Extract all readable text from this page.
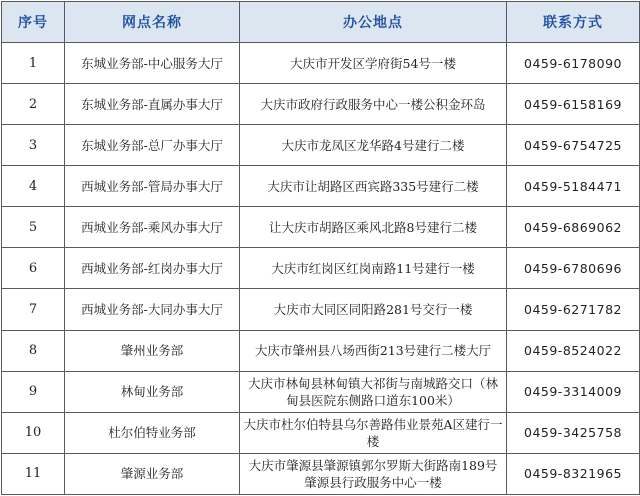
序号	网点名称	办公地点	联系方式
1	东城业务部-中心服务大厅	大庆市开发区学府街54号一楼	0459-6178090
2	东城业务部-直属办事大厅	大庆市政府行政服务中心一楼公积金环岛	0459-6158169
3	东城业务部-总厂办事大厅	大庆市龙凤区龙华路4号建行二楼	0459-6754725
4	西城业务部-管局办事大厅	大庆市让胡路区西宾路335号建行二楼	0459-5184471
5	西城业务部-乘风办事大厅	让大庆市胡路区乘风北路8号建行二楼	0459-6869062
6	西城业务部-红岗办事大厅	大庆市红岗区红岗南路11号建行一楼	0459-6780696
7	西城业务部-大同办事大厅	大庆市大同区同阳路281号交行一楼	0459-6271782
8	肇州业务部	大庆市肇州县八场西街213号建行二楼大厅	0459-8524022
9	林甸业务部	大庆市林甸县林甸镇大祁街与南城路交口（林甸县医院东侧路口道东100米）	0459-3314009
10	杜尔伯特业务部	大庆市杜尔伯特县乌尔善路伟业景苑A区建行一楼	0459-3425758
11	肇源业务部	大庆市肇源县肇源镇郭尔罗斯大街路南189号肇源县行政服务中心一楼	0459-8321965
